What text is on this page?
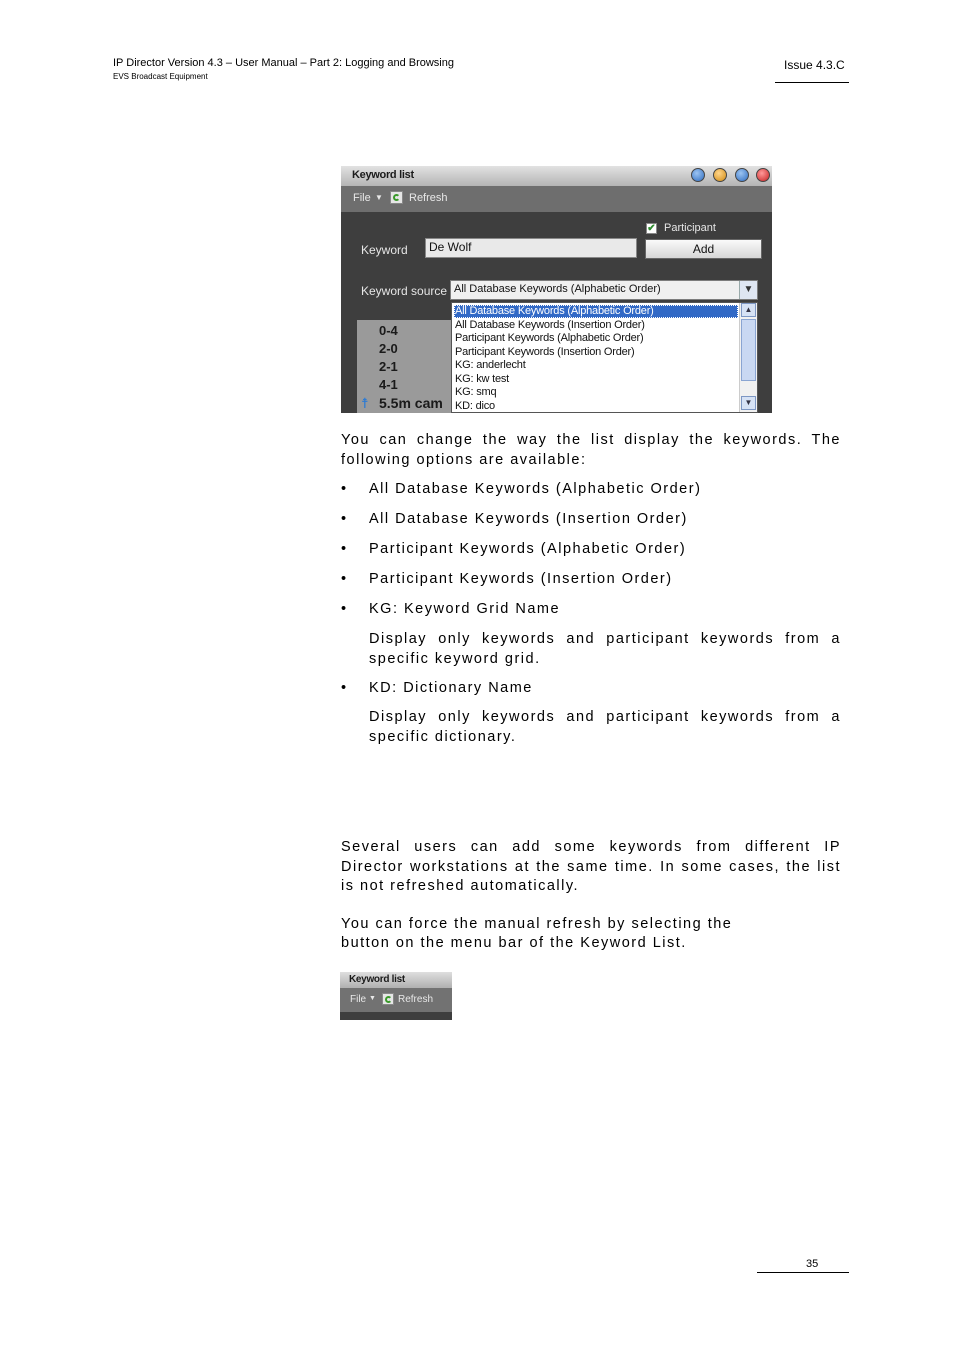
IP Director Version 4.3 – User Manual – Part 2: Logging and Browsing
EVS Broadcast Equipment
Issue 4.3.C
Keyword list
File ▼ Refresh
✔ Participant
Keyword	De Wolf	Add
Keyword source All Database Keywords (Alphabetic Order)	▼
0-4
2-0
2-1
4-1
☨ 5.5m cam
All Database Keywords (Alphabetic Order)
All Database Keywords (Insertion Order)
Participant Keywords (Alphabetic Order)
Participant Keywords (Insertion Order)
KG: anderlecht
KG: kw test
KG: smq
KD: dico
▲
▼
You can change the way the list display the keywords. The following options are available:
• All Database Keywords (Alphabetic Order)
• All Database Keywords (Insertion Order)
• Participant Keywords (Alphabetic Order)
• Participant Keywords (Insertion Order)
• KG: Keyword Grid Name
Display only keywords and participant keywords from a specific keyword grid.
• KD: Dictionary Name
Display only keywords and participant keywords from a specific dictionary.
Several users can add some keywords from different IP Director workstations at the same time. In some cases, the list is not refreshed automatically.
You can force the manual refresh by selecting the
button on the menu bar of the Keyword List.
Keyword list
File ▼ Refresh
35
